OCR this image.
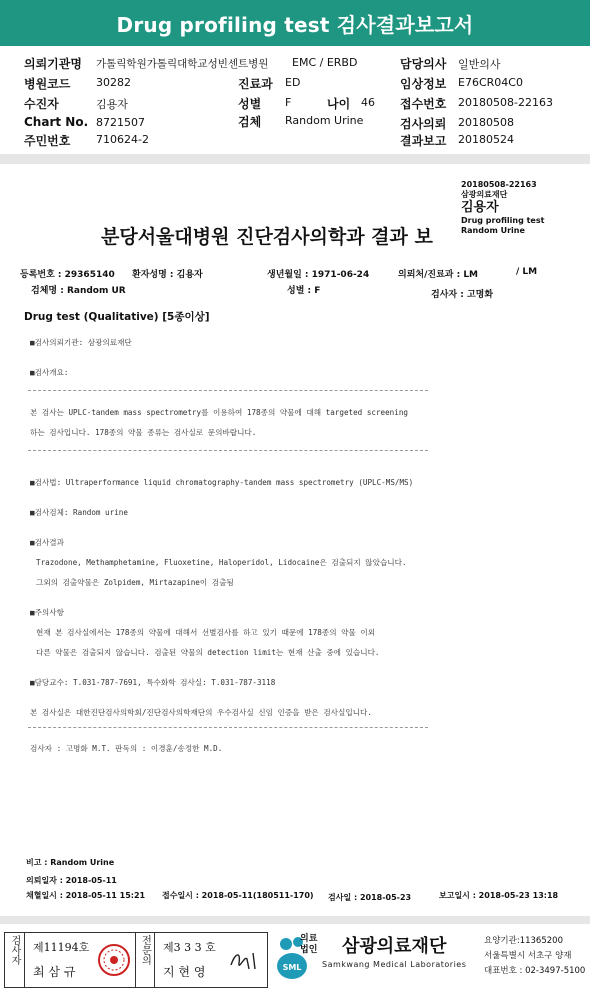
Drug profiling test 검사결과보고서
의뢰기관명 가톨릭학원가톨릭대학교성빈센트병원 EMC / ERBD	담당의사 일반의사
병원코드 30282	진료과 ED	임상정보 E76CR04C0
수진자	김용자	성별 F	나이 46 접수번호 20180508-22163
Chart No. 8721507	검체 Random Urine	검사의뢰 20180508
주민번호 710624-2	결과보고 20180524
20180508-22163
삼광의료재단
김용자
Drug profiling test
Random Urine
분당서울대병원 진단검사의학과 결과 보
등록번호 : 29365140 환자성명 : 김용자	생년월일 : 1971-06-24	의뢰처/진료과 : LM	/ LM
검체명 : Random UR	성별 : F	검사자 : 고명화
Drug test (Qualitative) [5종이상]
■검사의뢰기관: 삼광의료재단
■검사개요:
본 검사는 UPLC-tandem mass spectrometry를 이용하여 178종의 약물에 대해 targeted screening
하는 검사입니다. 178종의 약물 종류는 검사실로 문의바랍니다.
■검사법: Ultraperformance liquid chromatography-tandem mass spectrometry (UPLC-MS/MS)
■검사검체: Random urine
■검사결과
Trazodone, Methamphetamine, Fluoxetine, Haloperidol, Lidocaine은 검출되지 않았습니다.
그외의 검출약물은 Zolpidem, Mirtazapine이 검출됨
■주의사항
현재 본 검사실에서는 178종의 약물에 대해서 선별검사를 하고 있기 때문에 178종의 약물 이외
다른 약물은 검출되지 않습니다. 검출된 약물의 detection limit는 현재 산출 중에 있습니다.
■담당교수: T.031-787-7691, 특수화학 검사실: T.031-787-3118
본 검사실은 대한진단검사의학회/진단검사의학재단의 우수검사실 신임 인증을 받은 검사실입니다.
검사자 : 고명화 M.T. 판독의 : 이경훈/송정한 M.D.
비고 : Random Urine
의뢰일자 : 2018-05-11
채혈일시 : 2018-05-11 15:21 접수일시 : 2018-05-11(180511-170) 검사일 : 2018-05-23	보고일시 : 2018-05-23 13:18
검사자	제11194호
최 삼 규
전문의	제3 3 3 호
지 현 영	SML
의료법인 삼광의료재단
Samkwang Medical Laboratories
요양기관:11365200
서울특별시 서초구 양재
대표번호 : 02-3497-5100
